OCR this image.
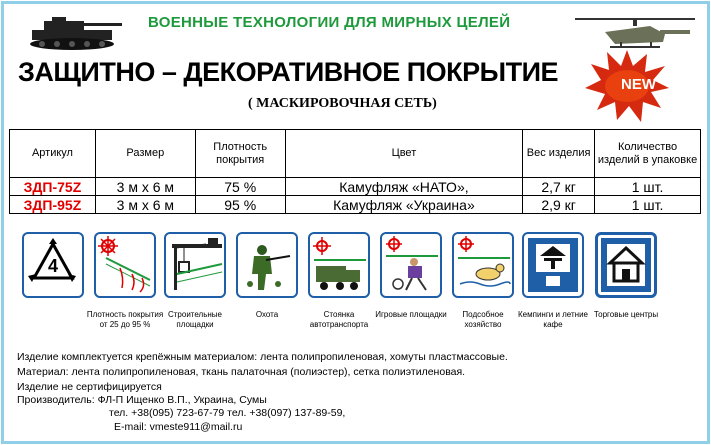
ВОЕННЫЕ ТЕХНОЛОГИИ ДЛЯ МИРНЫХ ЦЕЛЕЙ
ЗАЩИТНО – ДЕКОРАТИВНОЕ ПОКРЫТИЕ	NEW
( МАСКИРОВОЧНАЯ СЕТЬ)
Артикул	Размер	Плотность покрытия	Цвет	Вес изделия	Количество изделий в упаковке
ЗДП-75Z	3 м х 6 м	75 %	Камуфляж «НАТО»,	2,7 кг	1 шт.
ЗДП-95Z	3 м х 6 м	95 %	Камуфляж «Украина»	2,9 кг	1 шт.
4
Плотность покрытия
от 25 до 95 %
Строительные площадки
Охота	Стоянка автотранспорта
Игровые площадки	Подсобное хозяйство
Кемпинги и летние кафе
Торговые центры
Изделие комплектуется крепёжным материалом: лента полипропиленовая, хомуты пластмассовые.
Материал: лента полипропиленовая, ткань палаточная (полиэстер), сетка полиэтиленовая.
Изделие не сертифицируется
Производитель: ФЛ-П Ищенко В.П., Украина, Сумы
тел. +38(095) 723-67-79 тел. +38(097) 137-89-59,
E-mail: vmeste911@mail.ru
